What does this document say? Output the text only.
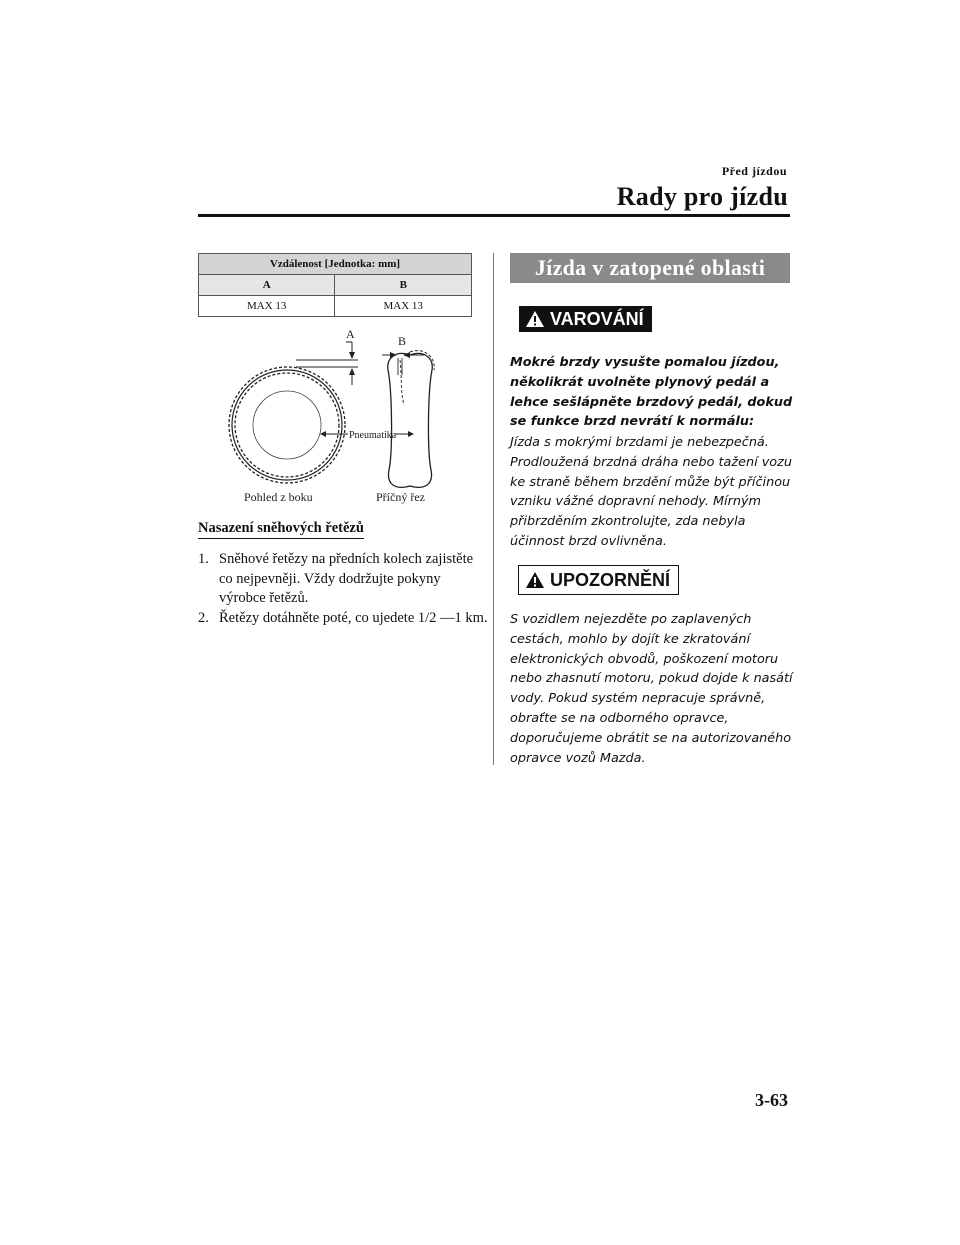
Před jízdou
Rady pro jízdu
Vzdálenost [Jednotka: mm]	
A	B
MAX 13	MAX 13
A	B
Pneumatika
Pohled z boku	Příčný řez
Nasazení sněhových řetězů
1. Sněhové řetězy na předních kolech zajistěte co nejpevněji. Vždy dodržujte pokyny výrobce řetězů.
2. Řetězy dotáhněte poté, co ujedete 1/2 ―1 km.
Jízda v zatopené oblasti
VAROVÁNÍ
Mokré brzdy vysušte pomalou jízdou, několikrát uvolněte plynový pedál a lehce sešlápněte brzdový pedál, dokud se funkce brzd nevrátí k normálu:
Jízda s mokrými brzdami je nebezpečná. Prodloužená brzdná dráha nebo tažení vozu ke straně během brzdění může být příčinou vzniku vážné dopravní nehody. Mírným přibrzděním zkontrolujte, zda nebyla účinnost brzd ovlivněna.
UPOZORNĚNÍ
S vozidlem nejezděte po zaplavených cestách, mohlo by dojít ke zkratování elektronických obvodů, poškození motoru nebo zhasnutí motoru, pokud dojde k nasátí vody. Pokud systém nepracuje správně, obraťte se na odborného opravce, doporučujeme obrátit se na autorizovaného opravce vozů Mazda.
3-63
